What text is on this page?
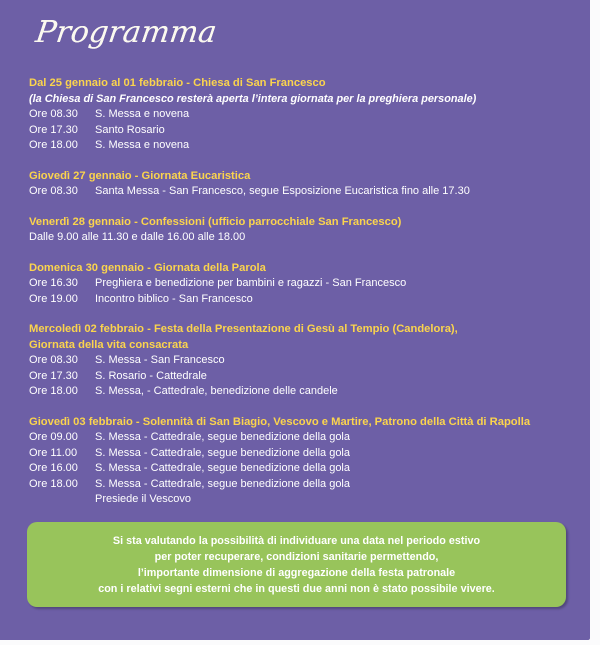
Programma
Dal 25 gennaio al 01 febbraio - Chiesa di San Francesco
(la Chiesa di San Francesco resterà aperta l’intera giornata per la preghiera personale)
Ore 08.30	S. Messa e novena
Ore 17.30	Santo Rosario
Ore 18.00	S. Messa e novena
Giovedì 27 gennaio - Giornata Eucaristica
Ore 08.30	Santa Messa - San Francesco, segue Esposizione Eucaristica fino alle 17.30
Venerdì 28 gennaio - Confessioni (ufficio parrocchiale San Francesco)
Dalle 9.00 alle 11.30 e dalle 16.00 alle 18.00
Domenica 30 gennaio - Giornata della Parola
Ore 16.30	Preghiera e benedizione per bambini e ragazzi - San Francesco
Ore 19.00	Incontro biblico - San Francesco
Mercoledì 02 febbraio - Festa della Presentazione di Gesù al Tempio (Candelora),
Giornata della vita consacrata
Ore 08.30	S. Messa - San Francesco
Ore 17.30	S. Rosario - Cattedrale
Ore 18.00	S. Messa, - Cattedrale, benedizione delle candele
Giovedì 03 febbraio - Solennità di San Biagio, Vescovo e Martire, Patrono della Città di Rapolla
Ore 09.00	S. Messa - Cattedrale, segue benedizione della gola
Ore 11.00	S. Messa - Cattedrale, segue benedizione della gola
Ore 16.00	S. Messa - Cattedrale, segue benedizione della gola
Ore 18.00	S. Messa - Cattedrale, segue benedizione della gola
Presiede il Vescovo
Si sta valutando la possibilità di individuare una data nel periodo estivo
per poter recuperare, condizioni sanitarie permettendo,
l’importante dimensione di aggregazione della festa patronale
con i relativi segni esterni che in questi due anni non è stato possibile vivere.
